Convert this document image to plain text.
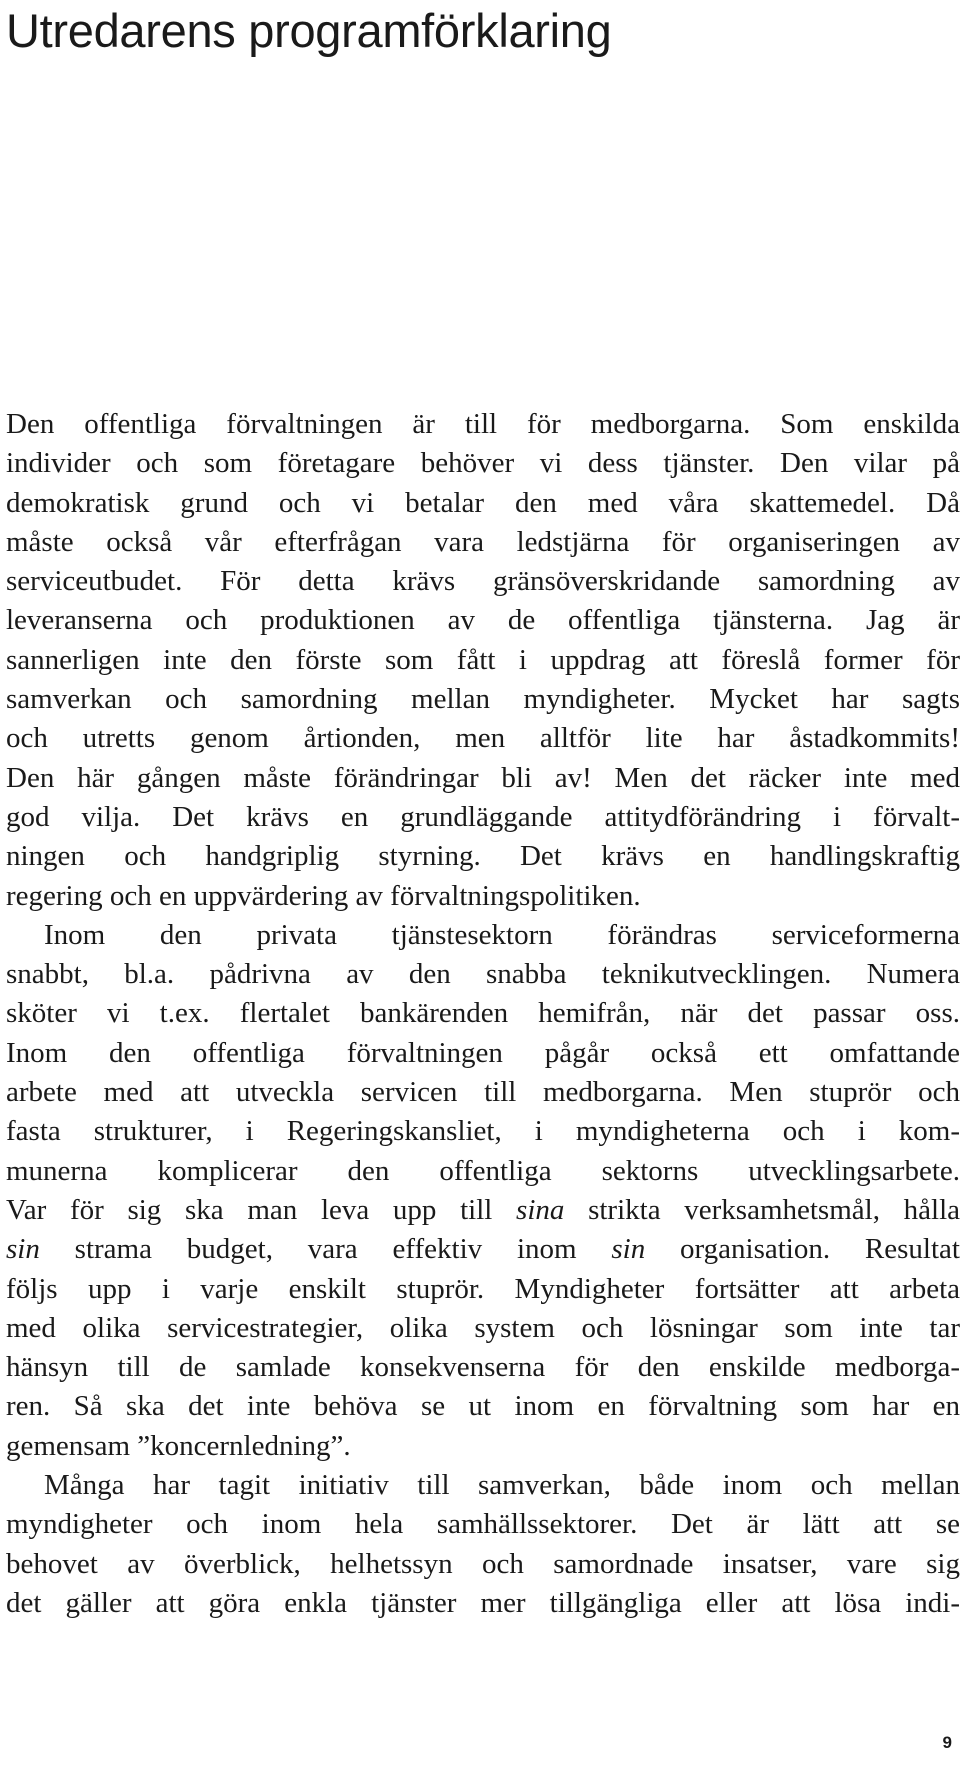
Utredarens programförklaring

Den offentliga förvaltningen är till för medborgarna. Som enskilda
individer och som företagare behöver vi dess tjänster. Den vilar på
demokratisk grund och vi betalar den med våra skattemedel. Då
måste också vår efterfrågan vara ledstjärna för organiseringen av
serviceutbudet. För detta krävs gränsöverskridande samordning av
leveranserna och produktionen av de offentliga tjänsterna. Jag är
sannerligen inte den förste som fått i uppdrag att föreslå former för
samverkan och samordning mellan myndigheter. Mycket har sagts
och utretts genom årtionden, men alltför lite har åstadkommits!
Den här gången måste förändringar bli av! Men det räcker inte med
god vilja. Det krävs en grundläggande attitydförändring i förvalt-
ningen och handgriplig styrning. Det krävs en handlingskraftig
regering och en uppvärdering av förvaltningspolitiken.

Inom den privata tjänstesektorn förändras serviceformerna
snabbt, bl.a. pådrivna av den snabba teknikutvecklingen. Numera
sköter vi t.ex. flertalet bankärenden hemifrån, när det passar oss.
Inom den offentliga förvaltningen pågår också ett omfattande
arbete med att utveckla servicen till medborgarna. Men stuprör och
fasta strukturer, i Regeringskansliet, i myndigheterna och i kom-
munerna komplicerar den offentliga sektorns utvecklingsarbete.
Var för sig ska man leva upp till sina strikta verksamhetsmål, hålla
sin strama budget, vara effektiv inom sin organisation. Resultat
följs upp i varje enskilt stuprör. Myndigheter fortsätter att arbeta
med olika servicestrategier, olika system och lösningar som inte tar
hänsyn till de samlade konsekvenserna för den enskilde medborga-
ren. Så ska det inte behöva se ut inom en förvaltning som har en
gemensam ”koncernledning”.

Många har tagit initiativ till samverkan, både inom och mellan
myndigheter och inom hela samhällssektorer. Det är lätt att se
behovet av överblick, helhetssyn och samordnade insatser, vare sig
det gäller att göra enkla tjänster mer tillgängliga eller att lösa indi-

9
